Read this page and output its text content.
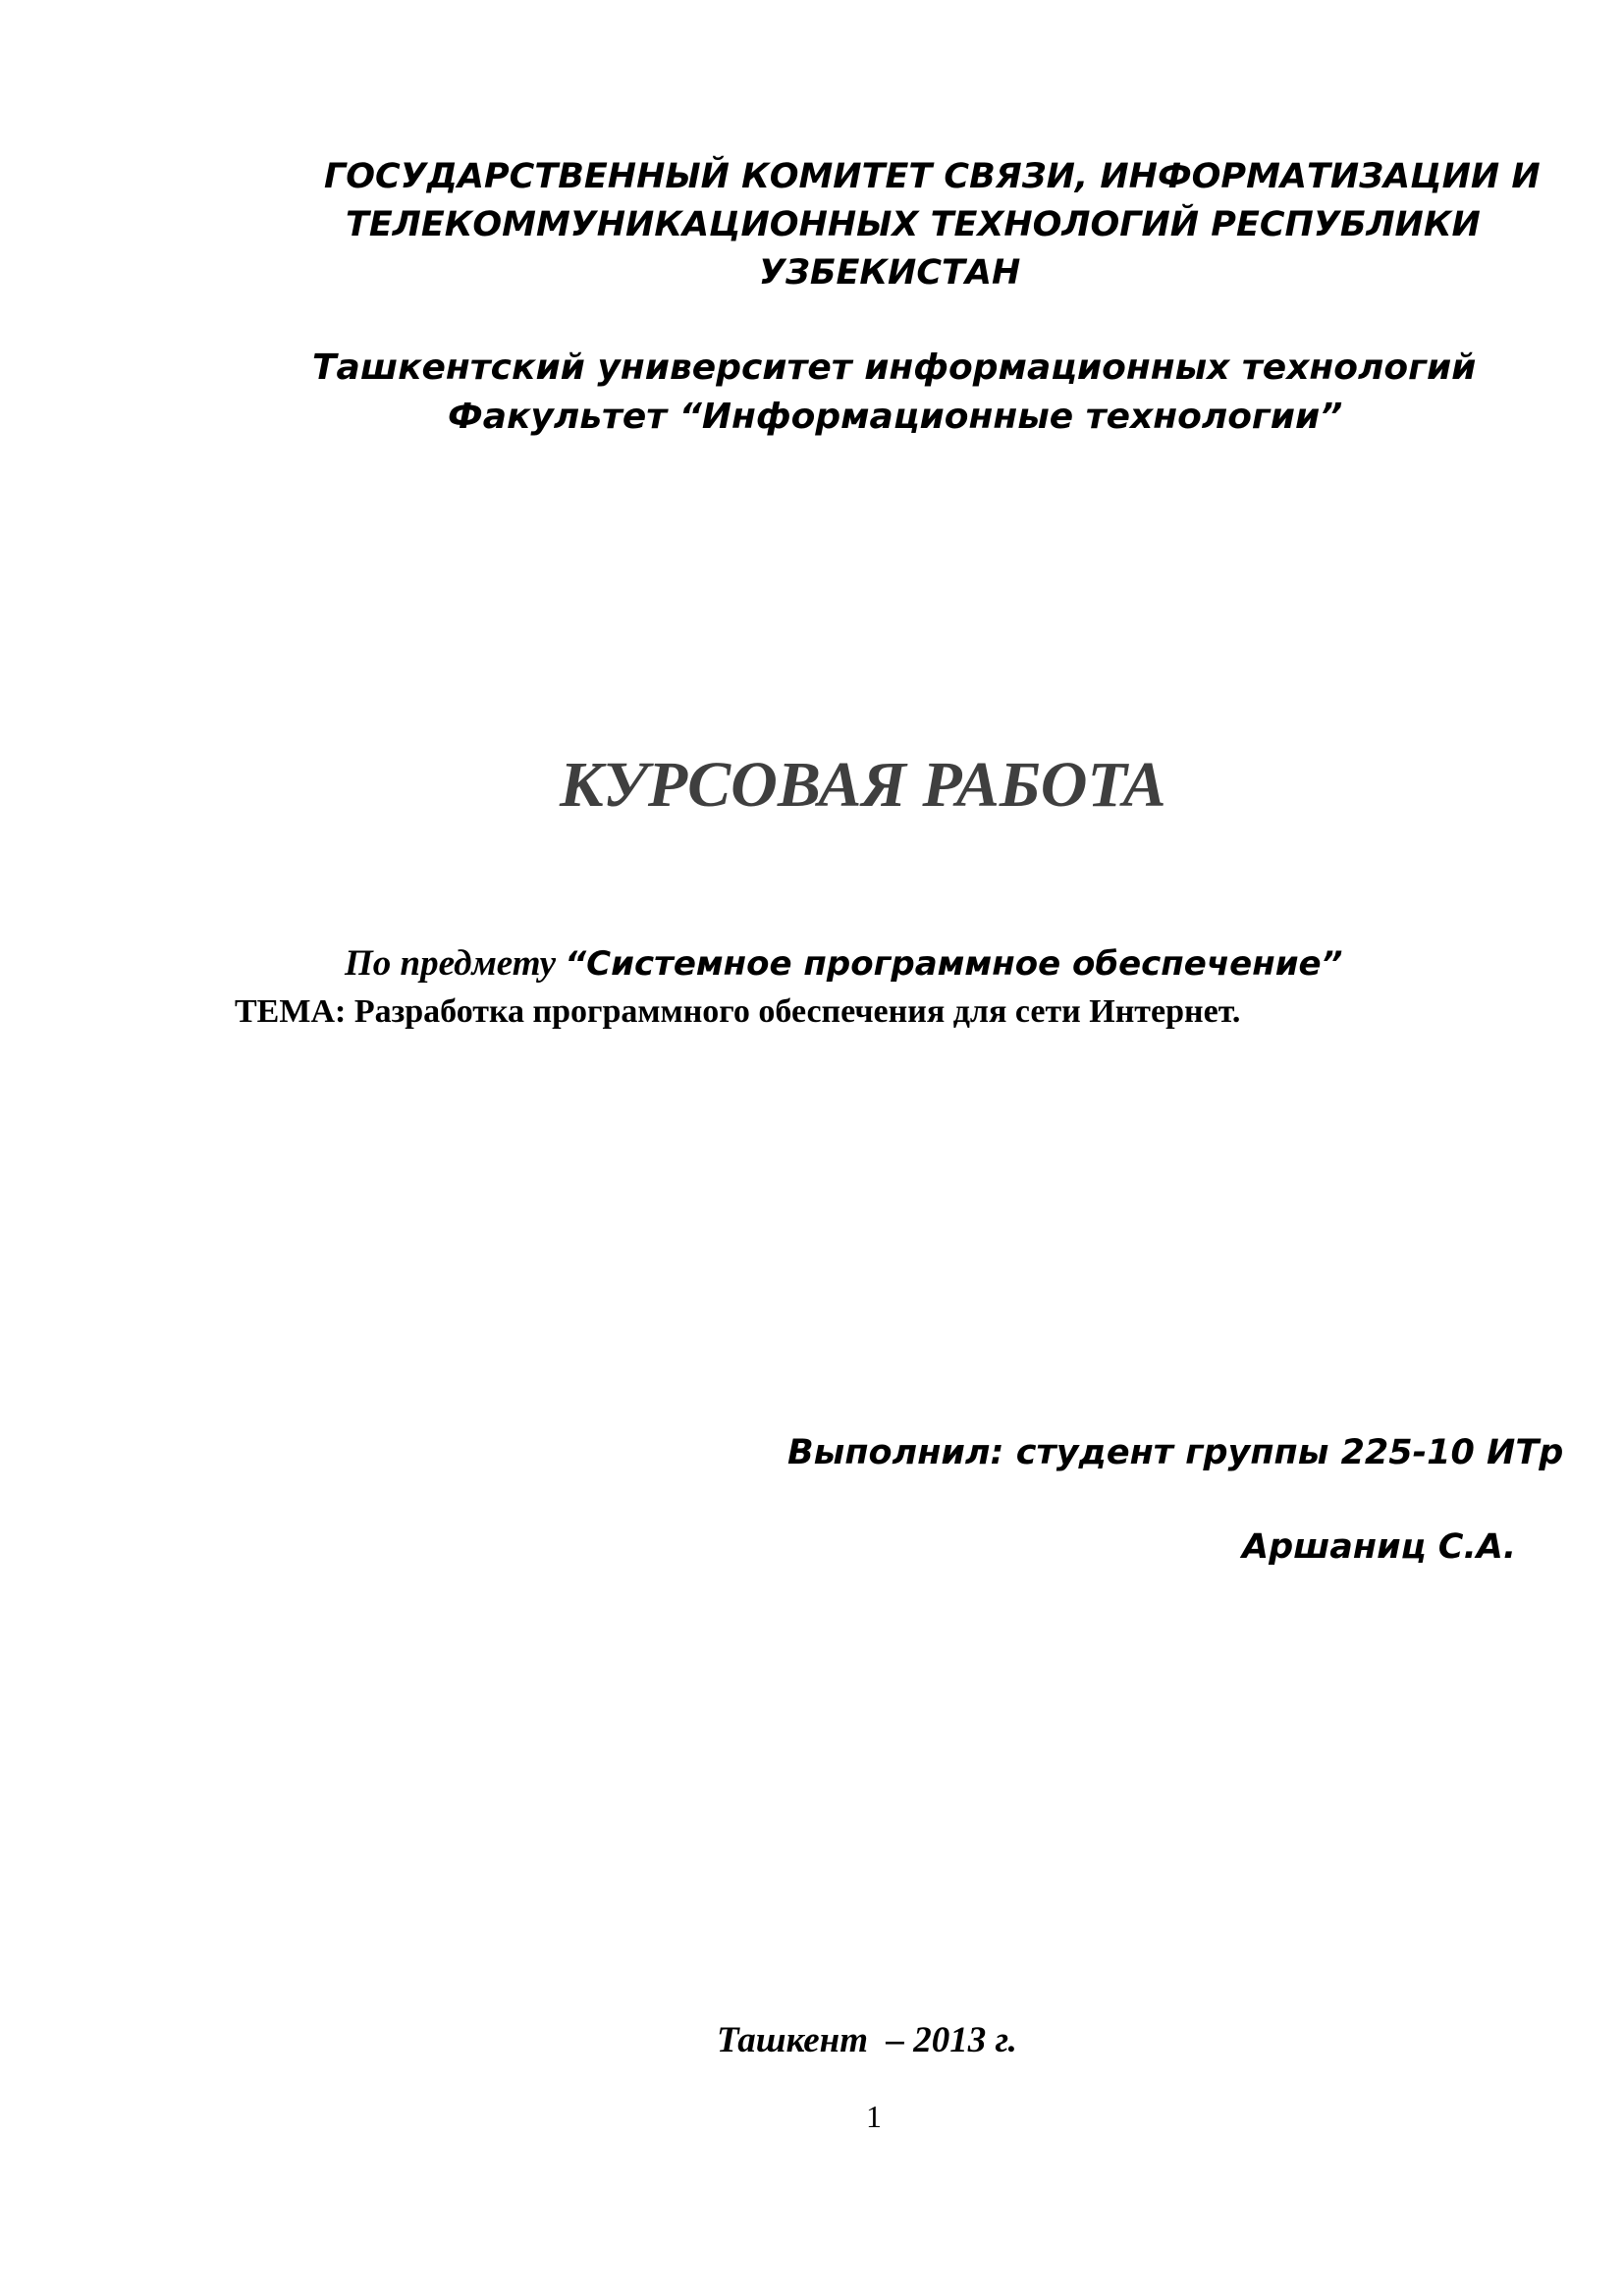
ГОСУДАРСТВЕННЫЙ КОМИТЕТ СВЯЗИ, ИНФОРМАТИЗАЦИИ И

ТЕЛЕКОММУНИКАЦИОННЫХ ТЕХНОЛОГИЙ РЕСПУБЛИКИ

УЗБЕКИСТАН

Ташкентский университет информационных технологий

Факультет “Информационные технологии”

КУРСОВАЯ РАБОТА

По предмету “Системное программное обеспечение”

ТЕМА: Разработка программного обеспечения для сети Интернет.

Выполнил: студент группы 225-10 ИТр

Аршаниц С.А.

Ташкент  – 2013 г.

1
